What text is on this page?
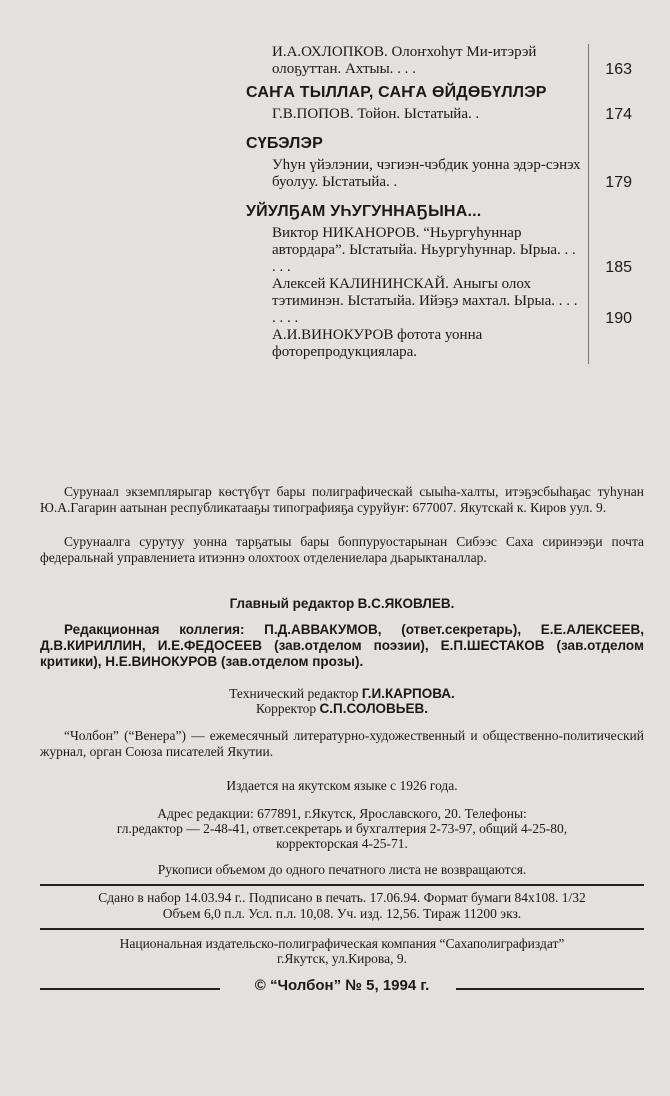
И.А.ОХЛОПКОВ. Олоҥхоһут Ми-итэрэй олоҕуттан. Ахтыы. . . .	163
САҤА ТЫЛЛАР, САҤА ӨЙДӨБҮЛЛЭР
Г.В.ПОПОВ. Тойон. Ыстатыйа. .	174
СҮБЭЛЭР
Уһун үйэлэнии, чэгиэн-чэбдик уонна эдэр-сэнэх буолуу. Ыстатыйа. .	179
УЙУЛҔАМ УҺУГУННАҔЫНА...
Виктор НИКАНОРОВ. “Ньургуһуннар автордара”. Ыстатыйа. Ньургуһуннар. Ырыа. . . . . .	185
Алексей КАЛИНИНСКАЙ. Аныгы олох тэтиминэн. Ыстатыйа. Ийэҕэ махтал. Ырыа. . . . . . . .	190
А.И.ВИНОКУРОВ фотота уонна фоторепродукциялара.
Сурунаал экземплярыгар көстүбүт бары полиграфическай сыыһа-халты, итэҕэсбыһаҕас туһунан Ю.А.Гагарин аатынан республикатааҕы типографияҕа суруйуҥ: 677007. Якутскай к. Киров уул. 9.
Сурунаалга сурутуу уонна тарҕатыы бары боппуруостарынан Сибээс Саха сиринээҕи почта федеральнай управлениета итиэннэ олохтоох отделениелара дьарыктаналлар.
Главный редактор В.С.ЯКОВЛЕВ.
Редакционная коллегия: П.Д.АВВАКУМОВ, (ответ.секретарь), Е.Е.АЛЕКСЕЕВ, Д.В.КИРИЛЛИН, И.Е.ФЕДОСЕЕВ (зав.отделом поэзии), Е.П.ШЕСТАКОВ (зав.отделом критики), Н.Е.ВИНОКУРОВ (зав.отделом прозы).
Технический редактор Г.И.КАРПОВА.
Корректор С.П.СОЛОВЬЕВ.
“Чолбон” (“Венера”) — ежемесячный литературно-художественный и общественно-политический журнал, орган Союза писателей Якутии.
Издается на якутском языке с 1926 года.
Адрес редакции: 677891, г.Якутск, Ярославского, 20. Телефоны:
гл.редактор — 2-48-41, ответ.секретарь и бухгалтерия 2-73-97, общий 4-25-80,
корректорская 4-25-71.
Рукописи объемом до одного печатного листа не возвращаются.
Сдано в набор 14.03.94 г.. Подписано в печать. 17.06.94. Формат бумаги 84х108. 1/32
Объем 6,0 п.л. Усл. п.л. 10,08. Уч. изд. 12,56. Тираж 11200 экз.
Национальная издательско-полиграфическая компания “Сахаполиграфиздат”
г.Якутск, ул.Кирова, 9.
© “Чолбон” № 5, 1994 г.
